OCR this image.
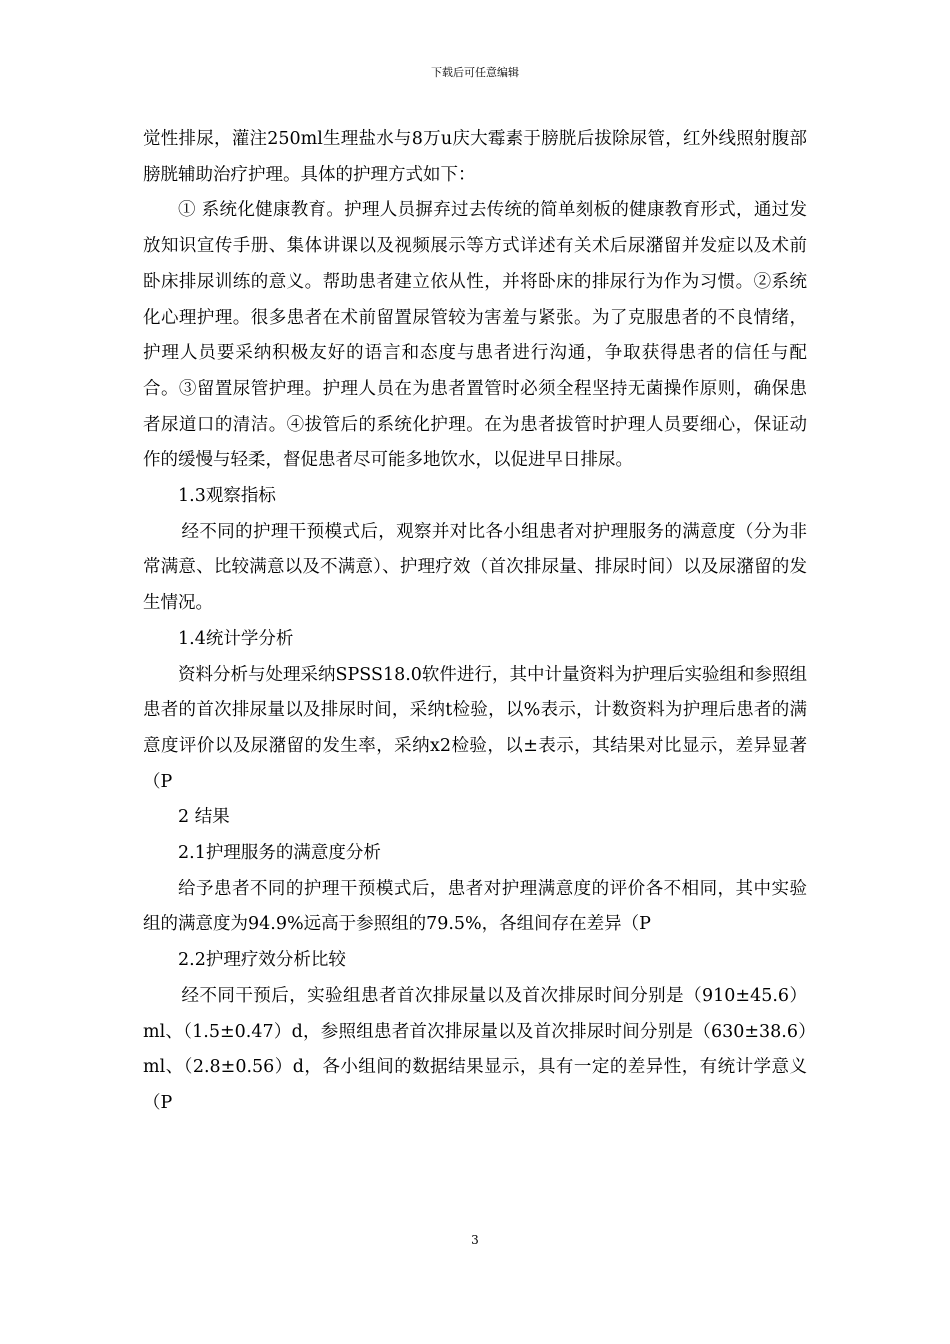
下载后可任意编辑

觉性排尿，灌注250ml生理盐水与8万u庆大霉素于膀胱后拔除尿管，红外线照射腹部膀胱辅助治疗护理。具体的护理方式如下：

① 系统化健康教育。护理人员摒弃过去传统的简单刻板的健康教育形式，通过发放知识宣传手册、集体讲课以及视频展示等方式详述有关术后尿潴留并发症以及术前卧床排尿训练的意义。帮助患者建立依从性，并将卧床的排尿行为作为习惯。②系统化心理护理。很多患者在术前留置尿管较为害羞与紧张。为了克服患者的不良情绪，护理人员要采纳积极友好的语言和态度与患者进行沟通，争取获得患者的信任与配合。③留置尿管护理。护理人员在为患者置管时必须全程坚持无菌操作原则，确保患者尿道口的清洁。④拔管后的系统化护理。在为患者拔管时护理人员要细心，保证动作的缓慢与轻柔，督促患者尽可能多地饮水，以促进早日排尿。

1.3观察指标

经不同的护理干预模式后，观察并对比各小组患者对护理服务的满意度（分为非常满意、比较满意以及不满意）、护理疗效（首次排尿量、排尿时间）以及尿潴留的发生情况。

1.4统计学分析

资料分析与处理采纳SPSS18.0软件进行，其中计量资料为护理后实验组和参照组患者的首次排尿量以及排尿时间，采纳t检验，以%表示，计数资料为护理后患者的满意度评价以及尿潴留的发生率，采纳x2检验，以±表示，其结果对比显示，差异显著（P

2 结果

2.1护理服务的满意度分析

给予患者不同的护理干预模式后，患者对护理满意度的评价各不相同，其中实验组的满意度为94.9%远高于参照组的79.5%，各组间存在差异（P

2.2护理疗效分析比较

经不同干预后，实验组患者首次排尿量以及首次排尿时间分别是（910±45.6）ml、（1.5±0.47）d，参照组患者首次排尿量以及首次排尿时间分别是（630±38.6）ml、（2.8±0.56）d，各小组间的数据结果显示，具有一定的差异性，有统计学意义（P

3
